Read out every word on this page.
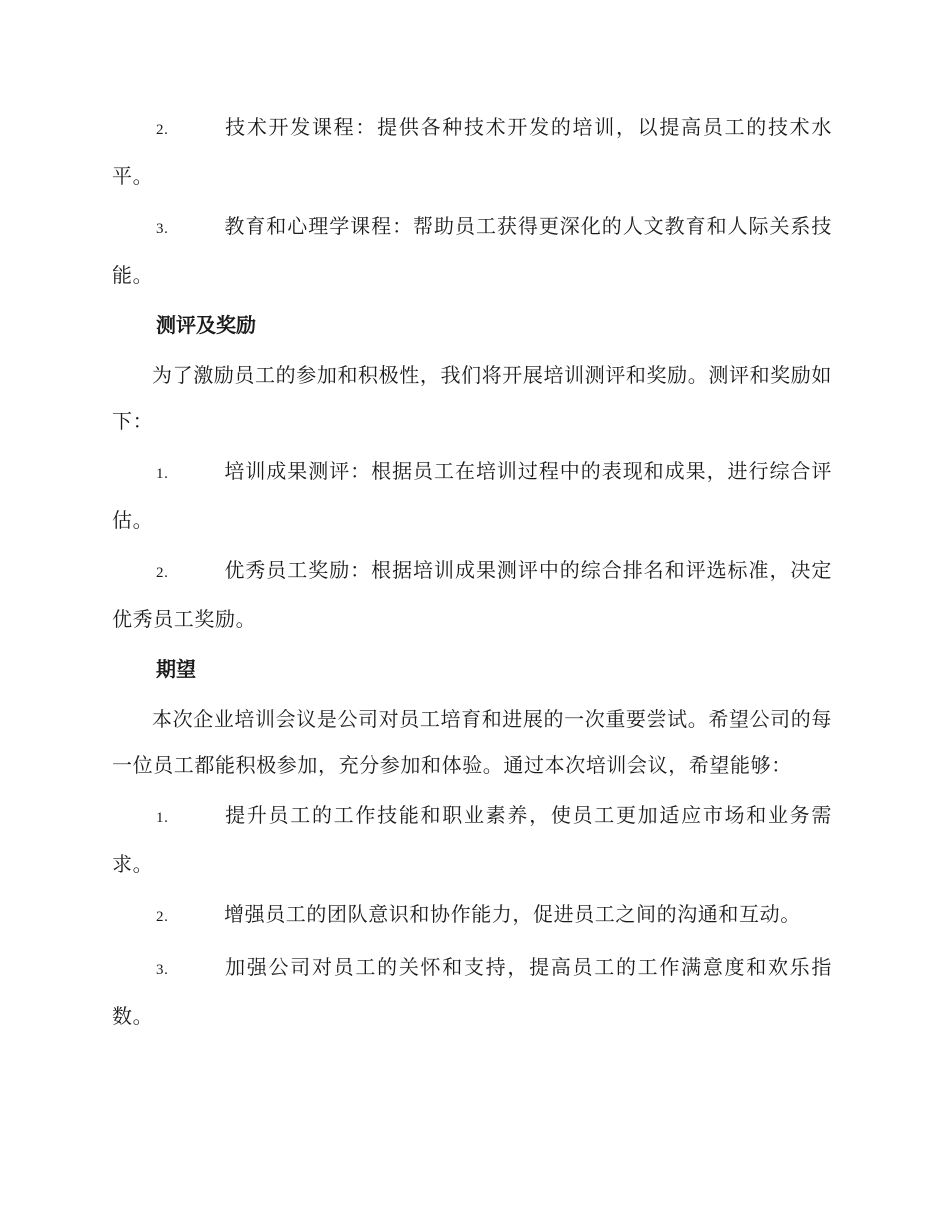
2.	技术开发课程：提供各种技术开发的培训，以提高员工的技术水平。

3.	教育和心理学课程：帮助员工获得更深化的人文教育和人际关系技能。

测评及奖励

为了激励员工的参加和积极性，我们将开展培训测评和奖励。测评和奖励如下：

1.	培训成果测评：根据员工在培训过程中的表现和成果，进行综合评估。

2.	优秀员工奖励：根据培训成果测评中的综合排名和评选标准，决定优秀员工奖励。

期望

本次企业培训会议是公司对员工培育和进展的一次重要尝试。希望公司的每一位员工都能积极参加，充分参加和体验。通过本次培训会议，希望能够：

1.	提升员工的工作技能和职业素养，使员工更加适应市场和业务需求。

2.	增强员工的团队意识和协作能力，促进员工之间的沟通和互动。

3.	加强公司对员工的关怀和支持，提高员工的工作满意度和欢乐指数。
